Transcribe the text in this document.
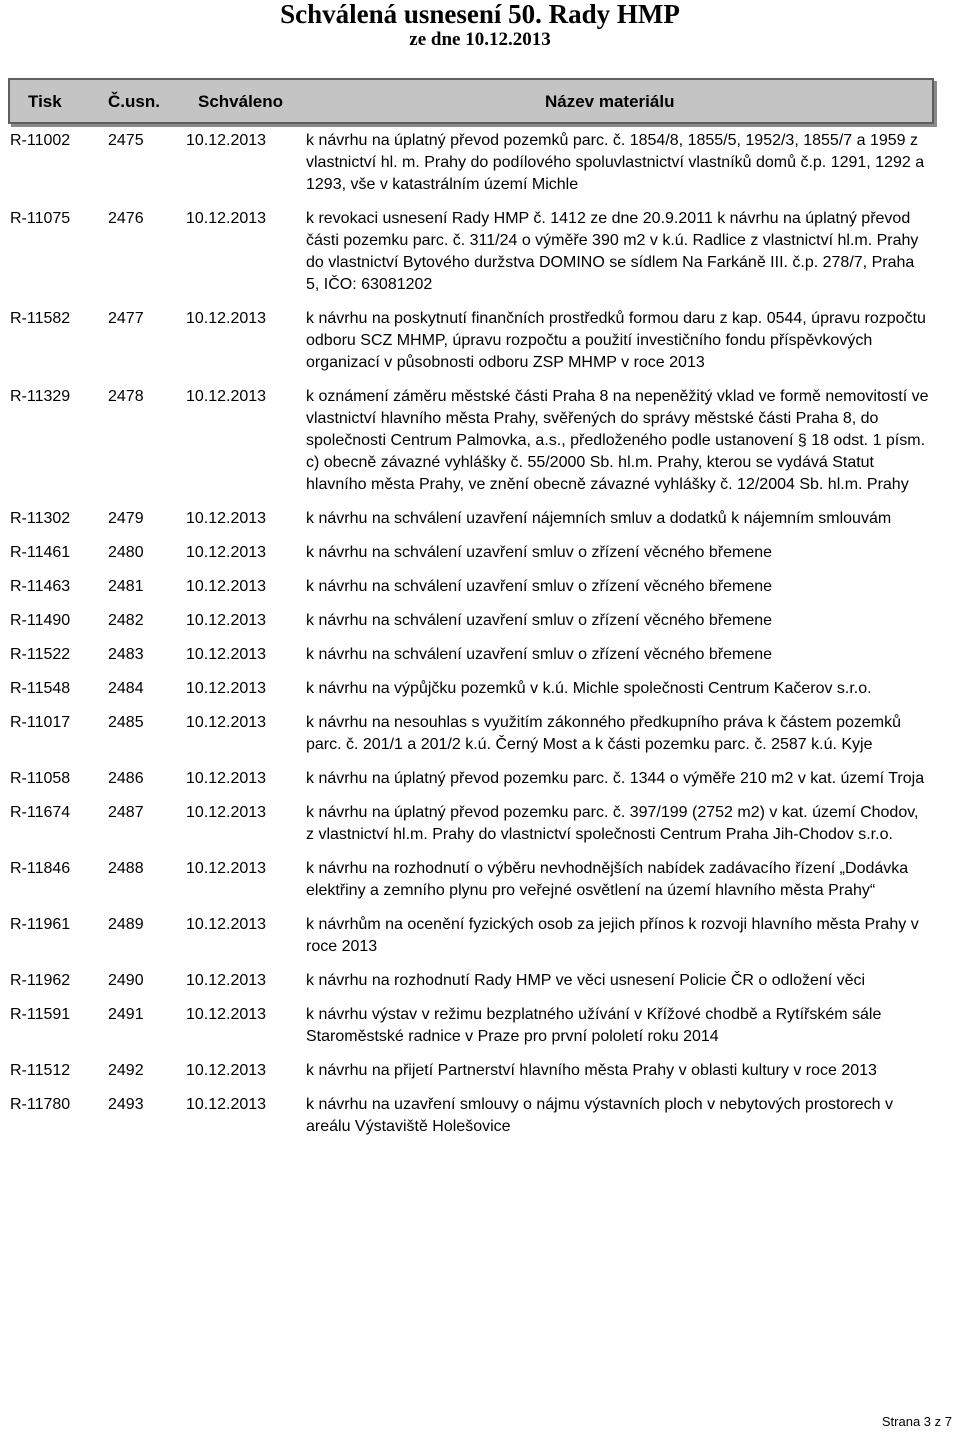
Schválená usnesení 50. Rady HMP
ze dne 10.12.2013
Tisk	Č.usn. Schváleno	Název materiálu
R-11002 2475	10.12.2013 k návrhu na úplatný převod pozemků parc. č. 1854/8, 1855/5, 1952/3, 1855/7 a 1959 z vlastnictví hl. m. Prahy do podílového spoluvlastnictví vlastníků domů č.p. 1291, 1292 a 1293, vše v katastrálním území Michle
R-11075 2476	10.12.2013 k revokaci usnesení Rady HMP č. 1412 ze dne 20.9.2011 k návrhu na úplatný převod části pozemku parc. č. 311/24 o výměře 390 m2 v k.ú. Radlice z vlastnictví hl.m. Prahy do vlastnictví Bytového duržstva DOMINO se sídlem Na Farkáně III. č.p. 278/7, Praha 5, IČO: 63081202
R-11582 2477	10.12.2013 k návrhu na poskytnutí finančních prostředků formou daru z kap. 0544, úpravu rozpočtu odboru SCZ MHMP, úpravu rozpočtu a použití investičního fondu příspěvkových organizací v působnosti odboru ZSP MHMP v roce 2013
R-11329 2478	10.12.2013 k oznámení záměru městské části Praha 8 na nepeněžitý vklad ve formě nemovitostí ve vlastnictví hlavního města Prahy, svěřených do správy městské části Praha 8, do společnosti Centrum Palmovka, a.s., předloženého podle ustanovení § 18 odst. 1 písm. c) obecně závazné vyhlášky č. 55/2000 Sb. hl.m. Prahy, kterou se vydává Statut hlavního města Prahy, ve znění obecně závazné vyhlášky č. 12/2004 Sb. hl.m. Prahy
R-11302 2479	10.12.2013 k návrhu na schválení uzavření nájemních smluv a dodatků k nájemním smlouvám
R-11461 2480	10.12.2013 k návrhu na schválení uzavření smluv o zřízení věcného břemene
R-11463 2481	10.12.2013 k návrhu na schválení uzavření smluv o zřízení věcného břemene
R-11490 2482	10.12.2013 k návrhu na schválení uzavření smluv o zřízení věcného břemene
R-11522 2483	10.12.2013 k návrhu na schválení uzavření smluv o zřízení věcného břemene
R-11548 2484	10.12.2013 k návrhu na výpůjčku pozemků v k.ú. Michle společnosti Centrum Kačerov s.r.o.
R-11017 2485	10.12.2013 k návrhu na nesouhlas s využitím zákonného předkupního práva k částem pozemků parc. č. 201/1 a 201/2 k.ú. Černý Most a k části pozemku parc. č. 2587 k.ú. Kyje
R-11058 2486	10.12.2013 k návrhu na úplatný převod pozemku parc. č. 1344 o výměře 210 m2 v kat. území Troja
R-11674 2487	10.12.2013 k návrhu na úplatný převod pozemku parc. č. 397/199 (2752 m2) v kat. území Chodov, z vlastnictví hl.m. Prahy do vlastnictví společnosti Centrum Praha Jih-Chodov s.r.o.
R-11846 2488	10.12.2013 k návrhu na rozhodnutí o výběru nevhodnějších nabídek zadávacího řízení „Dodávka elektřiny a zemního plynu pro veřejné osvětlení na území hlavního města Prahy“
R-11961 2489	10.12.2013 k návrhům na ocenění fyzických osob za jejich přínos k rozvoji hlavního města Prahy v roce 2013
R-11962 2490	10.12.2013 k návrhu na rozhodnutí Rady HMP ve věci usnesení Policie ČR o odložení věci
R-11591 2491	10.12.2013 k návrhu výstav v režimu bezplatného užívání v Křížové chodbě a Rytířském sále Staroměstské radnice v Praze pro první pololetí roku 2014
R-11512 2492	10.12.2013 k návrhu na přijetí Partnerství hlavního města Prahy v oblasti kultury v roce 2013
R-11780 2493	10.12.2013 k návrhu na uzavření smlouvy o nájmu výstavních ploch v nebytových prostorech v areálu Výstaviště Holešovice
Strana 3 z 7
